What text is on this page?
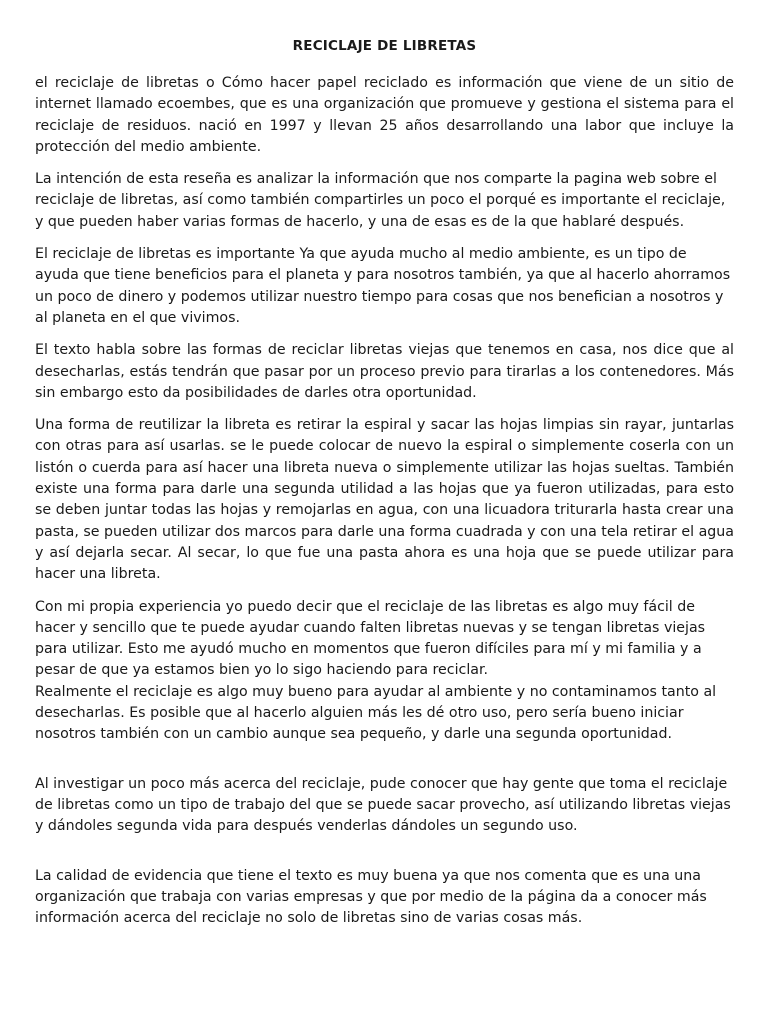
RECICLAJE DE LIBRETAS

el reciclaje de libretas o Cómo hacer papel reciclado es información que viene de un sitio de internet llamado ecoembes, que es una organización que promueve y gestiona el sistema para el reciclaje de residuos. nació en 1997 y llevan 25 años desarrollando una labor que incluye la protección del medio ambiente.

La intención de esta reseña es analizar la información que nos comparte la pagina web sobre el reciclaje de libretas, así como también compartirles un poco el porqué es importante el reciclaje, y que pueden haber varias formas de hacerlo, y una de esas es de la que hablaré después.

El reciclaje de libretas es importante Ya que ayuda mucho al medio ambiente, es un tipo de ayuda que tiene beneficios para el planeta y para nosotros también, ya que al hacerlo ahorramos un poco de dinero y podemos utilizar nuestro tiempo para cosas que nos benefician a nosotros y al planeta en el que vivimos.

El texto habla sobre las formas de reciclar libretas viejas que tenemos en casa, nos dice que al desecharlas, estás tendrán que pasar por un proceso previo para tirarlas a los contenedores. Más sin embargo esto da posibilidades de darles otra oportunidad.

Una forma de reutilizar la libreta es retirar la espiral y sacar las hojas limpias sin rayar, juntarlas con otras para así usarlas. se le puede colocar de nuevo la espiral o simplemente coserla con un listón o cuerda para así hacer una libreta nueva o simplemente utilizar las hojas sueltas. También existe una forma para darle una segunda utilidad a las hojas que ya fueron utilizadas, para esto se deben juntar todas las hojas y remojarlas en agua, con una licuadora triturarla hasta crear una pasta, se pueden utilizar dos marcos para darle una forma cuadrada y con una tela retirar el agua y así dejarla secar. Al secar, lo que fue una pasta ahora es una hoja que se puede utilizar para hacer una libreta.

Con mi propia experiencia yo puedo decir que el reciclaje de las libretas es algo muy fácil de hacer y sencillo que te puede ayudar cuando falten libretas nuevas y se tengan libretas viejas para utilizar. Esto me ayudó mucho en momentos que fueron difíciles para mí y mi familia y a pesar de que ya estamos bien yo lo sigo haciendo para reciclar.

Realmente el reciclaje es algo muy bueno para ayudar al ambiente y no contaminamos tanto al desecharlas. Es posible que al hacerlo alguien más les dé otro uso, pero sería bueno iniciar nosotros también con un cambio aunque sea pequeño, y darle una segunda oportunidad.

Al investigar un poco más acerca del reciclaje, pude conocer que hay gente que toma el reciclaje de libretas como un tipo de trabajo del que se puede sacar provecho, así utilizando libretas viejas y dándoles segunda vida para después venderlas dándoles un segundo uso.

La calidad de evidencia que tiene el texto es muy buena ya que nos comenta que es una una organización que trabaja con varias empresas y que por medio de la página da a conocer más información acerca del reciclaje no solo de libretas sino de varias cosas más.
